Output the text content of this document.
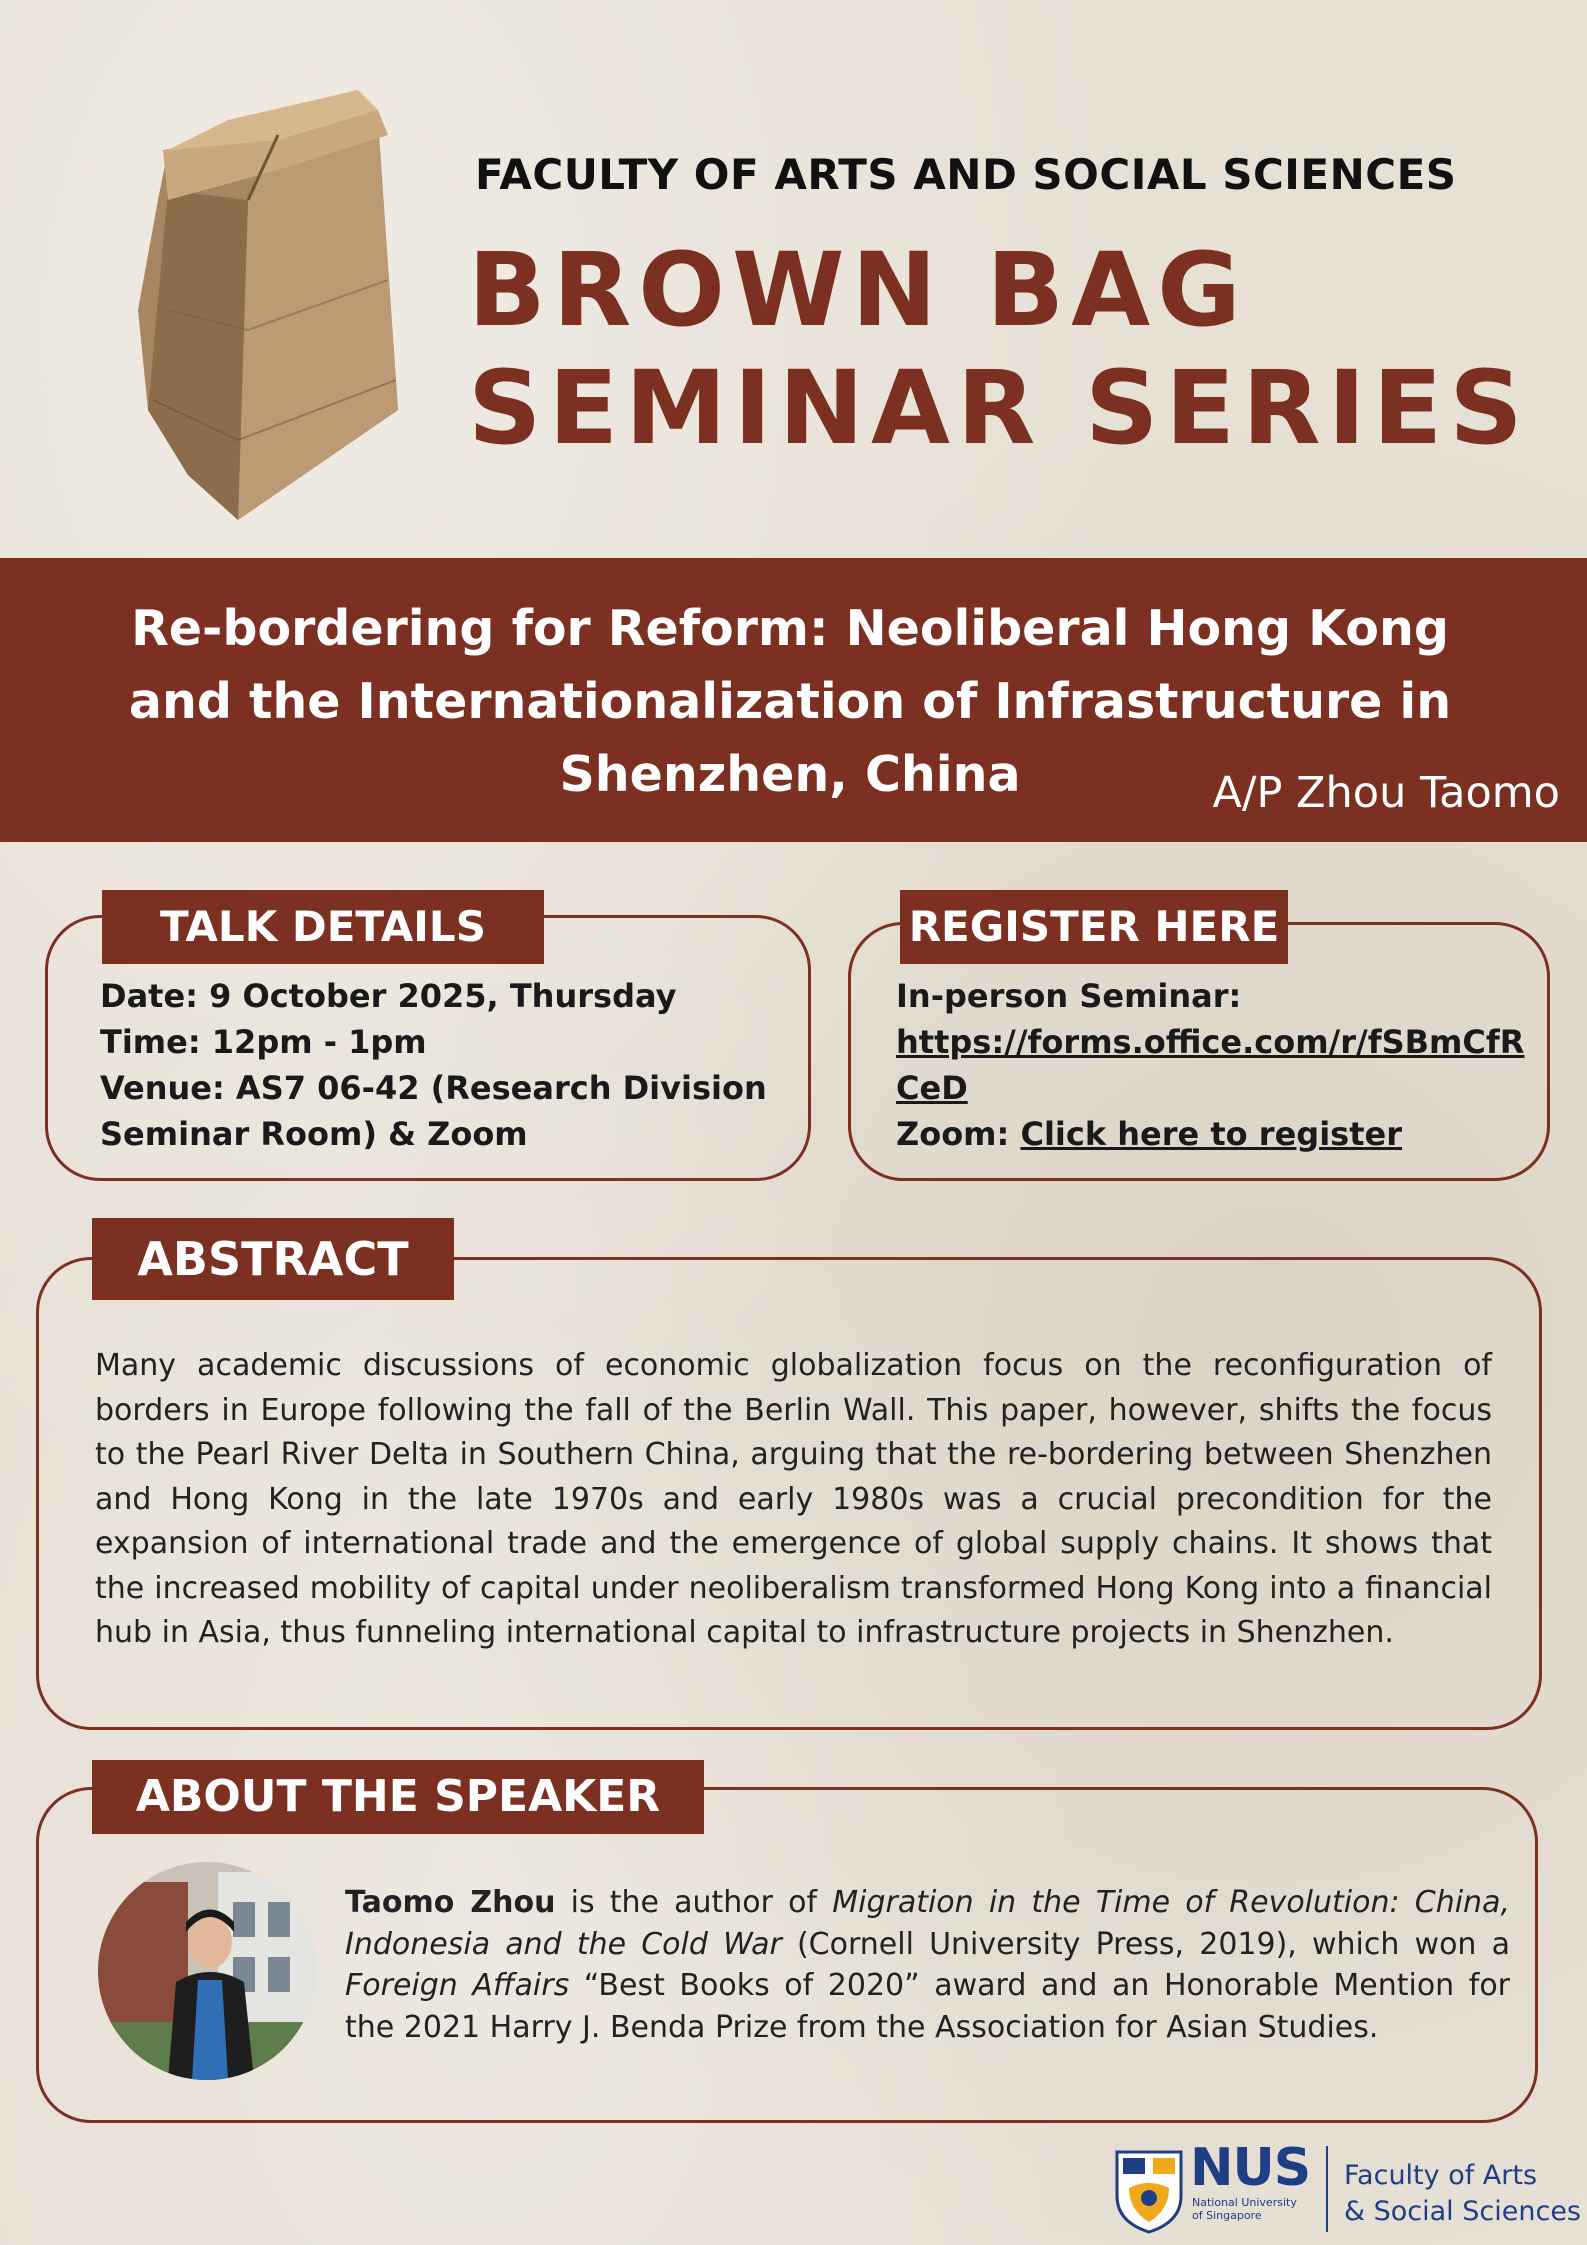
FACULTY OF ARTS AND SOCIAL SCIENCES
BROWN BAG
SEMINAR SERIES
Re-bordering for Reform: Neoliberal Hong Kong
and the Internationalization of Infrastructure in
Shenzhen, China	A/P Zhou Taomo
TALK DETAILS
Date: 9 October 2025, Thursday
Time: 12pm - 1pm
Venue: AS7 06-42 (Research Division
Seminar Room) & Zoom
REGISTER HERE
In-person Seminar:
https://forms.office.com/r/fSBmCfRCeD
Zoom: Click here to register
ABSTRACT
Many academic discussions of economic globalization focus on the reconfiguration of borders in Europe following the fall of the Berlin Wall. This paper, however, shifts the focus to the Pearl River Delta in Southern China, arguing that the re-bordering between Shenzhen and Hong Kong in the late 1970s and early 1980s was a crucial precondition for the expansion of international trade and the emergence of global supply chains. It shows that the increased mobility of capital under neoliberalism transformed Hong Kong into a financial hub in Asia, thus funneling international capital to infrastructure projects in Shenzhen.
ABOUT THE SPEAKER
Taomo Zhou is the author of Migration in the Time of Revolution: China, Indonesia and the Cold War (Cornell University Press, 2019), which won a Foreign Affairs “Best Books of 2020” award and an Honorable Mention for the 2021 Harry J. Benda Prize from the Association for Asian Studies.
NUS
National University
of Singapore
Faculty of Arts
& Social Sciences
